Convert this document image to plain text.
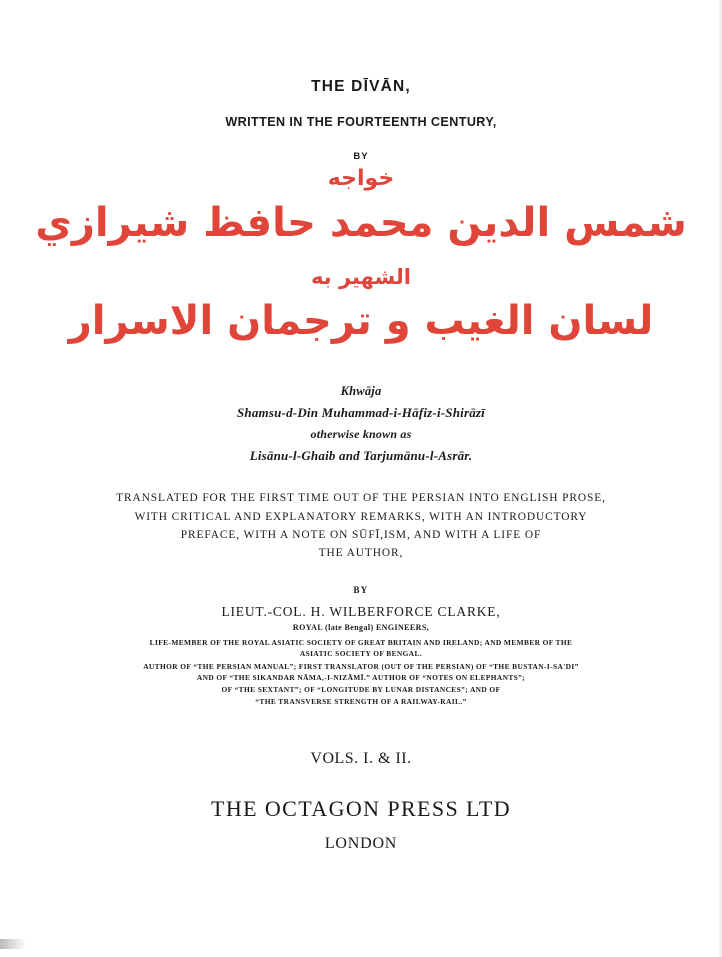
THE DĪVĀN,
WRITTEN IN THE FOURTEENTH CENTURY,
BY
خواجه
شمس الدين محمد حافظ شيرازي
الشهير به
لسان الغيب و ترجمان الاسرار
Khwāja
Shamsu-d-Din Muhammad-i-Hāfiz-i-Shirāzī
otherwise known as
Lisānu-l-Ghaib and Tarjumānu-l-Asrār.
TRANSLATED FOR THE FIRST TIME OUT OF THE PERSIAN INTO ENGLISH PROSE,
WITH CRITICAL AND EXPLANATORY REMARKS, WITH AN INTRODUCTORY
PREFACE, WITH A NOTE ON SŪFĪ,ISM, AND WITH A LIFE OF
THE AUTHOR,
BY
LIEUT.-COL. H. WILBERFORCE CLARKE,
ROYAL (late Bengal) ENGINEERS,
LIFE-MEMBER OF THE ROYAL ASIATIC SOCIETY OF GREAT BRITAIN AND IRELAND; AND MEMBER OF THE
ASIATIC SOCIETY OF BENGAL.
AUTHOR OF “THE PERSIAN MANUAL”; FIRST TRANSLATOR (OUT OF THE PERSIAN) OF “THE BUSTAN-I-SA'DI”
AND OF “THE SIKANDAR NĀMA,-I-NIZĀMĪ.” AUTHOR OF “NOTES ON ELEPHANTS”;
OF “THE SEXTANT”; OF “LONGITUDE BY LUNAR DISTANCES”; AND OF
“THE TRANSVERSE STRENGTH OF A RAILWAY-RAIL.”
VOLS. I. & II.
THE OCTAGON PRESS LTD
LONDON
